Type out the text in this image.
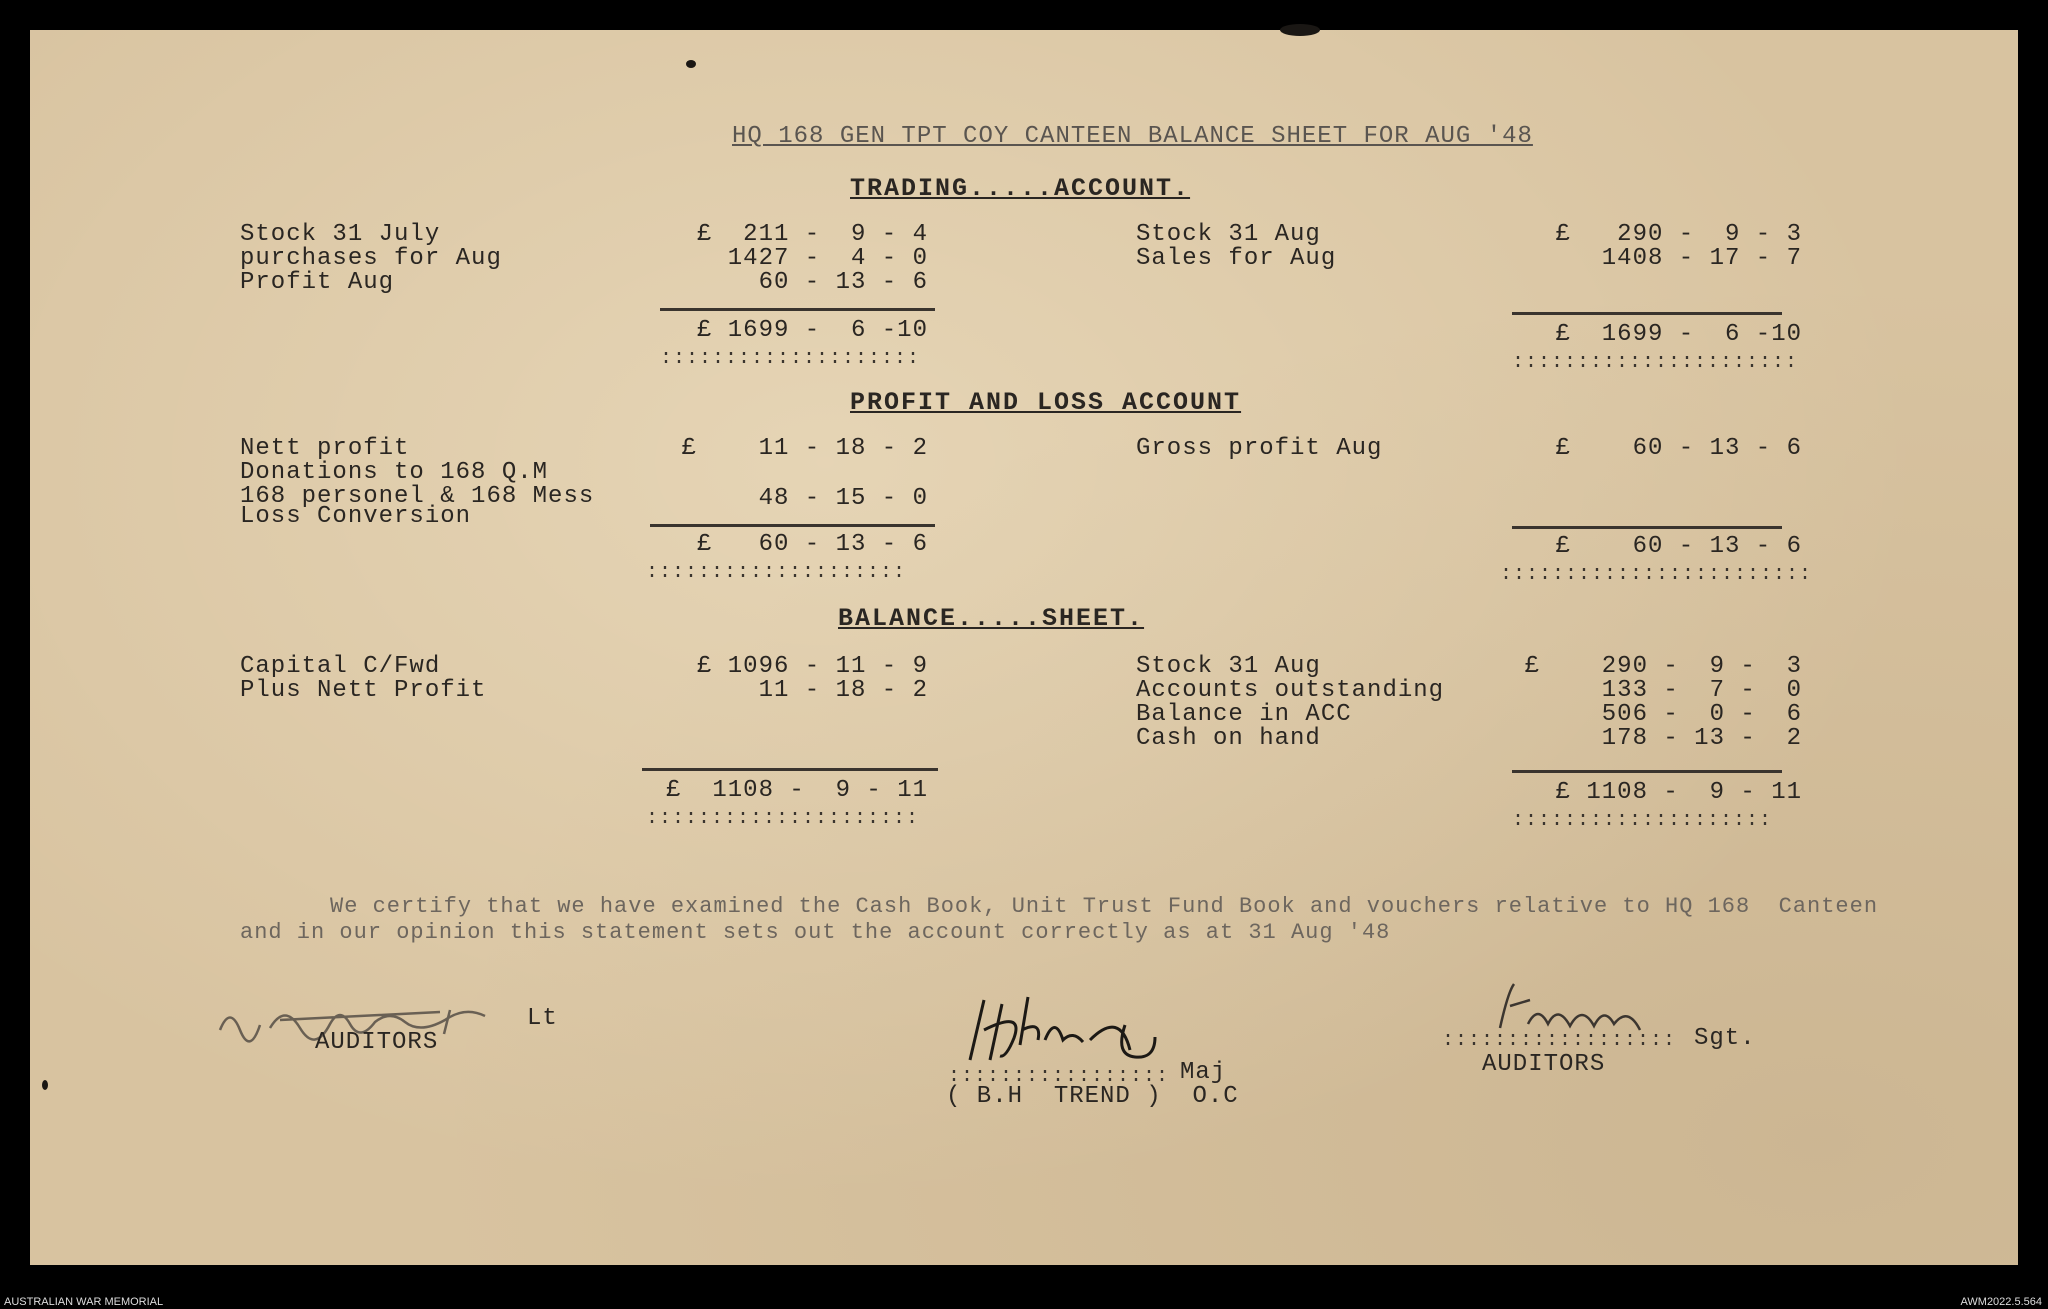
HQ 168 GEN TPT COY CANTEEN BALANCE SHEET FOR AUG '48
TRADING.....ACCOUNT.
Stock 31 July
purchases for Aug
Profit Aug
£  211 -  9 - 4
1427 -  4 - 0
60 - 13 - 6
£ 1699 -  6 -10
::::::::::::::::::::
Stock 31 Aug
Sales for Aug
£   290 -  9 - 3
1408 - 17 - 7
£  1699 -  6 -10
::::::::::::::::::::::
PROFIT AND LOSS ACCOUNT
Nett profit
Donations to 168 Q.M
168 personel & 168 Mess
Loss Conversion
£    11 - 18 - 2
48 - 15 - 0
£   60 - 13 - 6
::::::::::::::::::::
Gross profit Aug	£    60 - 13 - 6
£    60 - 13 - 6
::::::::::::::::::::::::
BALANCE.....SHEET.
Capital C/Fwd
Plus Nett Profit
£ 1096 - 11 - 9
11 - 18 - 2
£  1108 -  9 - 11
:::::::::::::::::::::
Stock 31 Aug
Accounts outstanding
Balance in ACC
Cash on hand
£    290 -  9 -  3
133 -  7 -  0
506 -  0 -  6
178 - 13 -  2
£ 1108 -  9 - 11
::::::::::::::::::::
We certify that we have examined the Cash Book, Unit Trust Fund Book and vouchers relative to HQ 168  Canteen
and in our opinion this statement sets out the account correctly as at 31 Aug '48
Lt
AUDITORS
::::::::::::::::: Maj
( B.H  TREND )  O.C
:::::::::::::::::: Sgt.
AUDITORS
AUSTRALIAN WAR MEMORIAL	AWM2022.5.564
